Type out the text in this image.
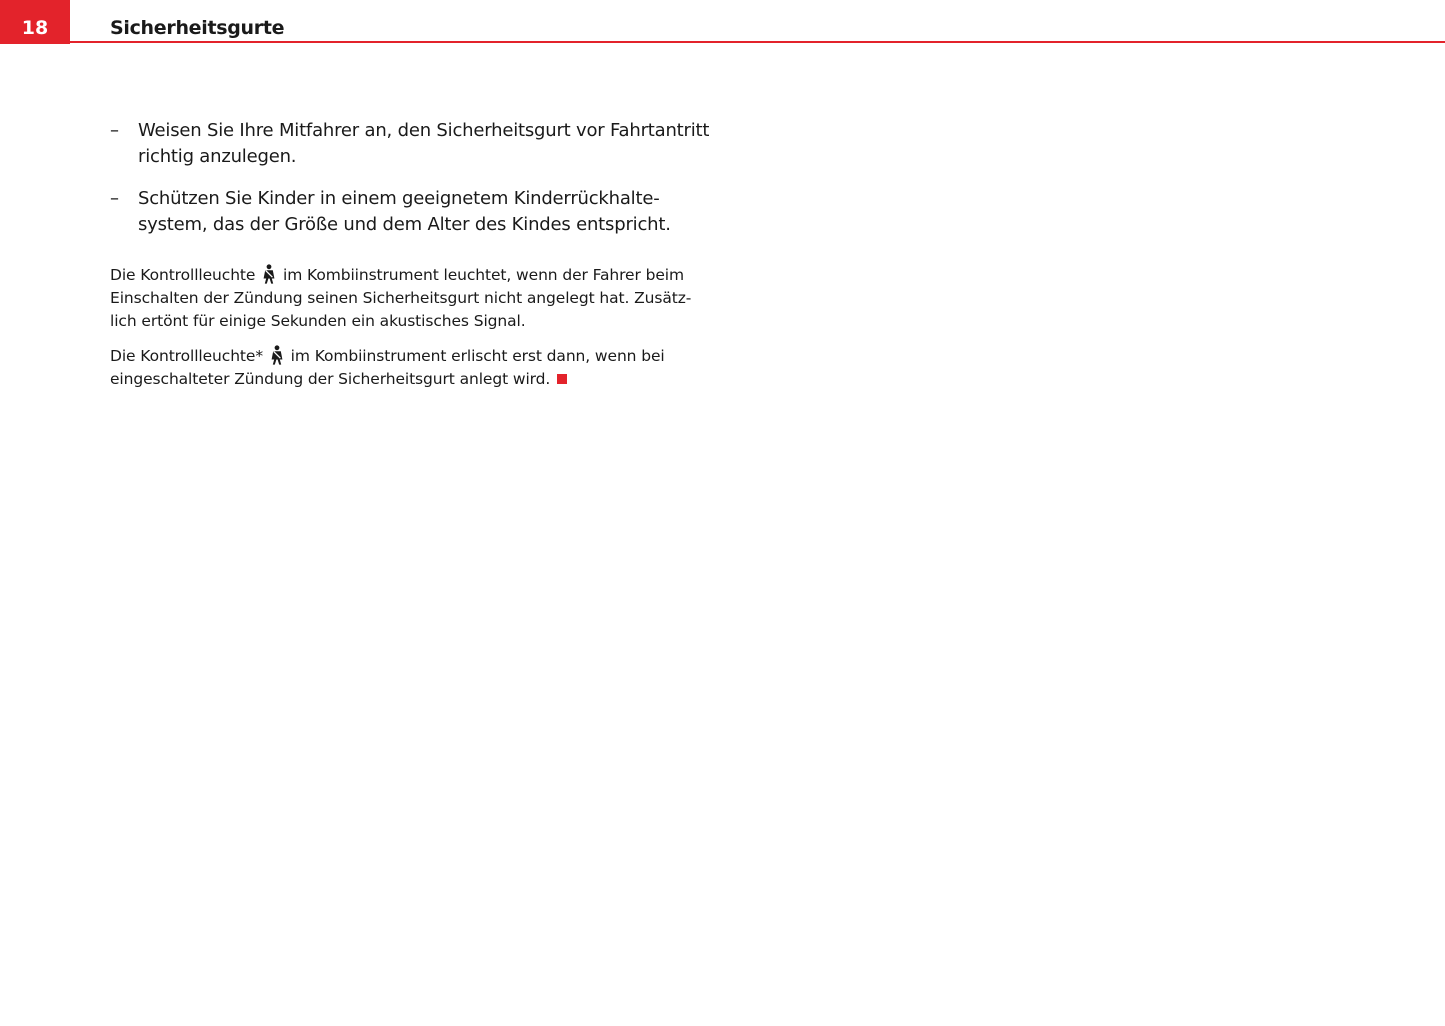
18	Sicherheitsgurte
– Weisen Sie Ihre Mitfahrer an, den Sicherheitsgurt vor Fahrtantritt
richtig anzulegen.
– Schützen Sie Kinder in einem geeignetem Kinderrückhalte-
system, das der Größe und dem Alter des Kindes entspricht.

Die Kontrollleuchte im Kombiinstrument leuchtet, wenn der Fahrer beim
Einschalten der Zündung seinen Sicherheitsgurt nicht angelegt hat. Zusätz-
lich ertönt für einige Sekunden ein akustisches Signal.

Die Kontrollleuchte* im Kombiinstrument erlischt erst dann, wenn bei
eingeschalteter Zündung der Sicherheitsgurt anlegt wird.
